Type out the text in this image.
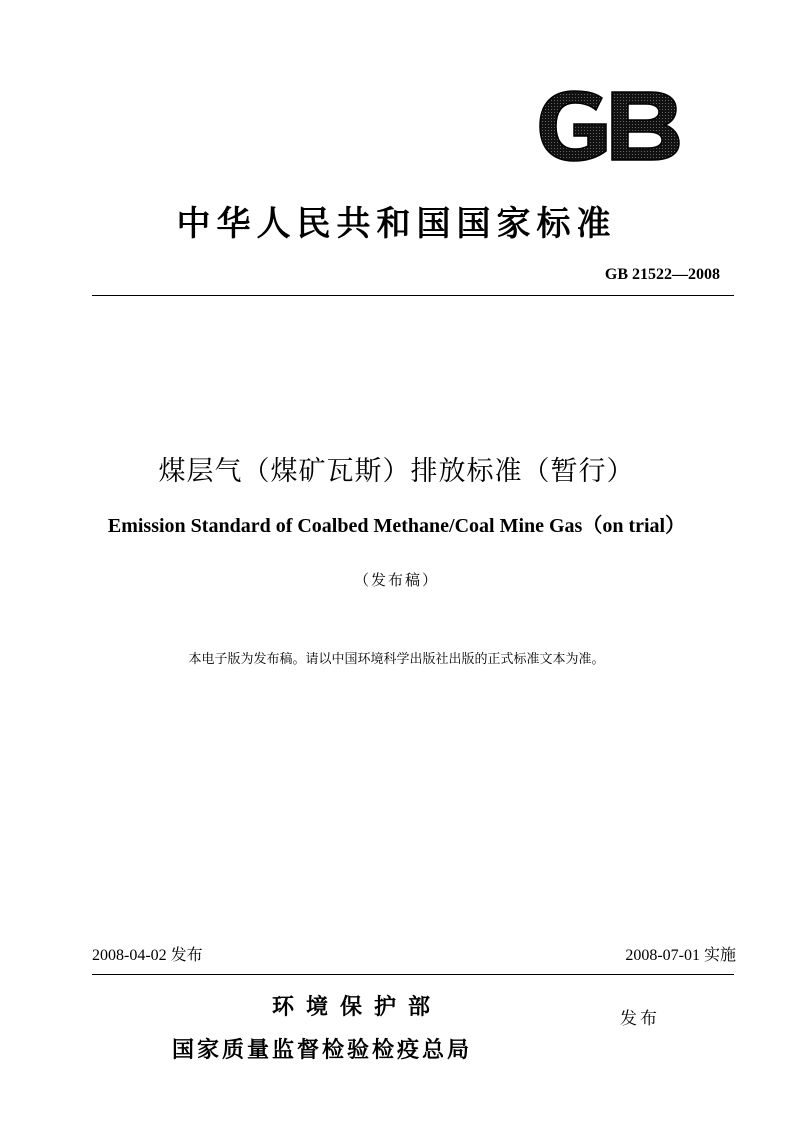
中华人民共和国国家标准
GB 21522—2008
煤层气（煤矿瓦斯）排放标准（暂行）
Emission Standard of Coalbed Methane/Coal Mine Gas（on trial）
（发布稿）
本电子版为发布稿。请以中国环境科学出版社出版的正式标准文本为准。
2008-04-02 发布	2008-07-01 实施
环境保护部
国家质量监督检验检疫总局
发布
